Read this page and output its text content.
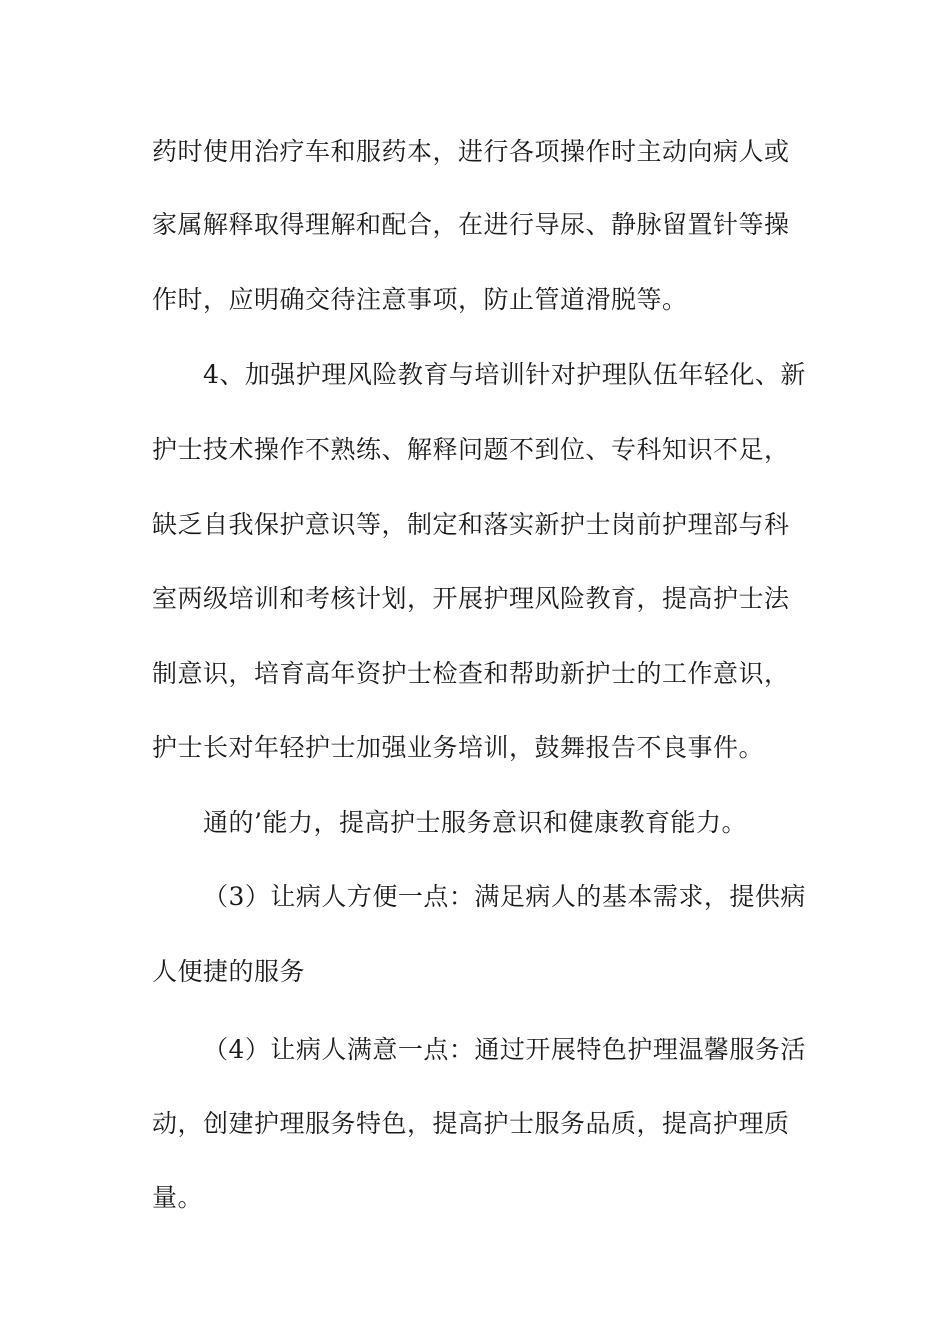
药时使用治疗车和服药本，进行各项操作时主动向病人或
家属解释取得理解和配合，在进行导尿、静脉留置针等操
作时，应明确交待注意事项，防止管道滑脱等。
4、加强护理风险教育与培训针对护理队伍年轻化、新
护士技术操作不熟练、解释问题不到位、专科知识不足，
缺乏自我保护意识等，制定和落实新护士岗前护理部与科
室两级培训和考核计划，开展护理风险教育，提高护士法
制意识，培育高年资护士检查和帮助新护士的工作意识，
护士长对年轻护士加强业务培训，鼓舞报告不良事件。
通的’能力，提高护士服务意识和健康教育能力。
（3）让病人方便一点：满足病人的基本需求，提供病
人便捷的服务
（4）让病人满意一点：通过开展特色护理温馨服务活
动，创建护理服务特色，提高护士服务品质，提高护理质
量。
